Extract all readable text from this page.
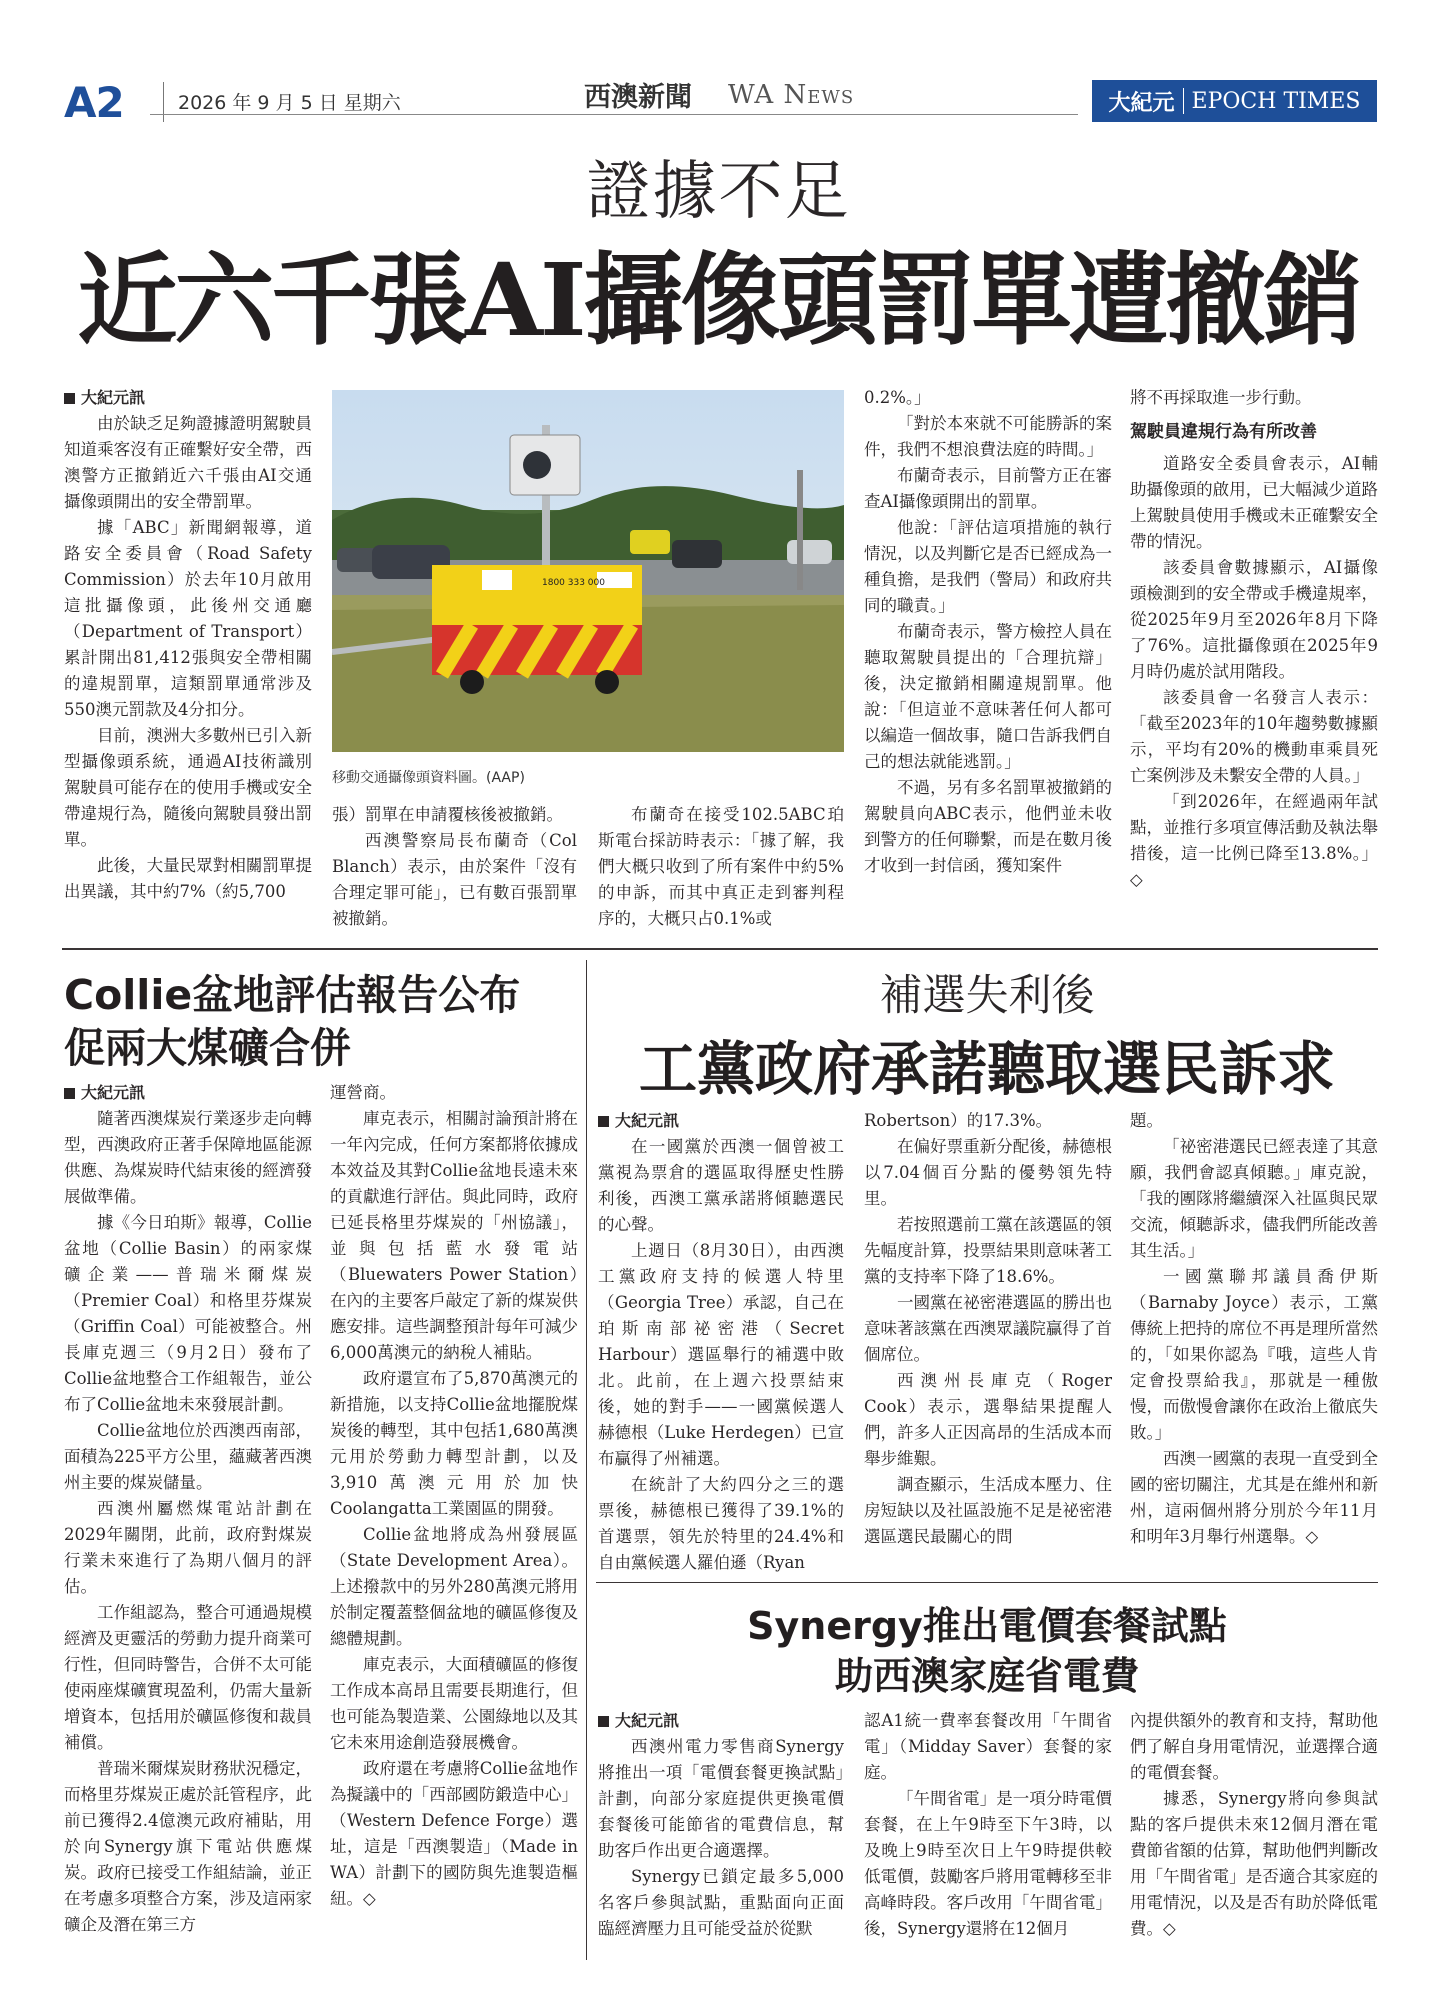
A2	2026 年 9 月 5 日 星期六	西澳新聞 WA News	大紀元 EPOCH TIMES
證據不足
近六千張AI攝像頭罰單遭撤銷

大紀元訊

由於缺乏足夠證據證明駕駛員知道乘客沒有正確繫好安全帶，西澳警方正撤銷近六千張由AI交通攝像頭開出的安全帶罰單。

據「ABC」新聞網報導，道路安全委員會（Road Safety Commission）於去年10月啟用這批攝像頭，此後州交通廳（Department of Transport）累計開出81,412張與安全帶相關的違規罰單，這類罰單通常涉及550澳元罰款及4分扣分。

目前，澳洲大多數州已引入新型攝像頭系統，通過AI技術識別駕駛員可能存在的使用手機或安全帶違規行為，隨後向駕駛員發出罰單。

此後，大量民眾對相關罰單提出異議，其中約7%（約5,700

1800 333 000
移動交通攝像頭資料圖。(AAP)

張）罰單在申請覆核後被撤銷。

西澳警察局長布蘭奇（Col Blanch）表示，由於案件「沒有合理定罪可能」，已有數百張罰單被撤銷。

布蘭奇在接受102.5ABC珀斯電台採訪時表示：「據了解，我們大概只收到了所有案件中約5%的申訴，而其中真正走到審判程序的，大概只占0.1%或

0.2%。」

「對於本來就不可能勝訴的案件，我們不想浪費法庭的時間。」

布蘭奇表示，目前警方正在審查AI攝像頭開出的罰單。

他說：「評估這項措施的執行情況，以及判斷它是否已經成為一種負擔，是我們（警局）和政府共同的職責。」

布蘭奇表示，警方檢控人員在聽取駕駛員提出的「合理抗辯」後，決定撤銷相關違規罰單。他說：「但這並不意味著任何人都可以編造一個故事，隨口告訴我們自己的想法就能逃罰。」

不過，另有多名罰單被撤銷的駕駛員向ABC表示，他們並未收到警方的任何聯繫，而是在數月後才收到一封信函，獲知案件

將不再採取進一步行動。

駕駛員違規行為有所改善

道路安全委員會表示，AI輔助攝像頭的啟用，已大幅減少道路上駕駛員使用手機或未正確繫安全帶的情況。

該委員會數據顯示，AI攝像頭檢測到的安全帶或手機違規率，從2025年9月至2026年8月下降了76%。這批攝像頭在2025年9月時仍處於試用階段。

該委員會一名發言人表示：「截至2023年的10年趨勢數據顯示，平均有20%的機動車乘員死亡案例涉及未繫安全帶的人員。」

「到2026年，在經過兩年試點，並推行多項宣傳活動及執法舉措後，這一比例已降至13.8%。」◇

Collie盆地評估報告公布
促兩大煤礦合併

大紀元訊

隨著西澳煤炭行業逐步走向轉型，西澳政府正著手保障地區能源供應、為煤炭時代結束後的經濟發展做準備。

據《今日珀斯》報導，Collie盆地（Collie Basin）的兩家煤礦企業——普瑞米爾煤炭（Premier Coal）和格里芬煤炭（Griffin Coal）可能被整合。州長庫克週三（9月2日）發布了Collie盆地整合工作組報告，並公布了Collie盆地未來發展計劃。

Collie盆地位於西澳西南部，面積為225平方公里，蘊藏著西澳州主要的煤炭儲量。

西澳州屬燃煤電站計劃在2029年關閉，此前，政府對煤炭行業未來進行了為期八個月的評估。

工作組認為，整合可通過規模經濟及更靈活的勞動力提升商業可行性，但同時警告，合併不太可能使兩座煤礦實現盈利，仍需大量新增資本，包括用於礦區修復和裁員補償。

普瑞米爾煤炭財務狀況穩定，而格里芬煤炭正處於託管程序，此前已獲得2.4億澳元政府補貼，用於向Synergy旗下電站供應煤炭。政府已接受工作組結論，並正在考慮多項整合方案，涉及這兩家礦企及潛在第三方

運營商。

庫克表示，相關討論預計將在一年內完成，任何方案都將依據成本效益及其對Collie盆地長遠未來的貢獻進行評估。與此同時，政府已延長格里芬煤炭的「州協議」，並與包括藍水發電站（Bluewaters Power Station）在內的主要客戶敲定了新的煤炭供應安排。這些調整預計每年可減少6,000萬澳元的納稅人補貼。

政府還宣布了5,870萬澳元的新措施，以支持Collie盆地擺脫煤炭後的轉型，其中包括1,680萬澳元用於勞動力轉型計劃，以及3,910萬澳元用於加快Coolangatta工業園區的開發。

Collie盆地將成為州發展區（State Development Area）。上述撥款中的另外280萬澳元將用於制定覆蓋整個盆地的礦區修復及總體規劃。

庫克表示，大面積礦區的修復工作成本高昂且需要長期進行，但也可能為製造業、公園綠地以及其它未來用途創造發展機會。

政府還在考慮將Collie盆地作為擬議中的「西部國防鍛造中心」（Western Defence Forge）選址，這是「西澳製造」（Made in WA）計劃下的國防與先進製造樞紐。◇

補選失利後
工黨政府承諾聽取選民訴求

大紀元訊

在一國黨於西澳一個曾被工黨視為票倉的選區取得歷史性勝利後，西澳工黨承諾將傾聽選民的心聲。

上週日（8月30日），由西澳工黨政府支持的候選人特里（Georgia Tree）承認，自己在珀斯南部祕密港（Secret Harbour）選區舉行的補選中敗北。此前，在上週六投票結束後，她的對手——一國黨候選人赫德根（Luke Herdegen）已宣布贏得了州補選。

在統計了大約四分之三的選票後，赫德根已獲得了39.1%的首選票，領先於特里的24.4%和自由黨候選人羅伯遜（Ryan

Robertson）的17.3%。

在偏好票重新分配後，赫德根以7.04個百分點的優勢領先特里。

若按照選前工黨在該選區的領先幅度計算，投票結果則意味著工黨的支持率下降了18.6%。

一國黨在祕密港選區的勝出也意味著該黨在西澳眾議院贏得了首個席位。

西澳州長庫克（Roger Cook）表示，選舉結果提醒人們，許多人正因高昂的生活成本而舉步維艱。

調查顯示，生活成本壓力、住房短缺以及社區設施不足是祕密港選區選民最關心的問

題。

「祕密港選民已經表達了其意願，我們會認真傾聽。」庫克說，「我的團隊將繼續深入社區與民眾交流，傾聽訴求，儘我們所能改善其生活。」

一國黨聯邦議員喬伊斯（Barnaby Joyce）表示，工黨傳統上把持的席位不再是理所當然的，「如果你認為『哦，這些人肯定會投票給我』，那就是一種傲慢，而傲慢會讓你在政治上徹底失敗。」

西澳一國黨的表現一直受到全國的密切關注，尤其是在維州和新州，這兩個州將分別於今年11月和明年3月舉行州選舉。◇

Synergy推出電價套餐試點
助西澳家庭省電費

大紀元訊

西澳州電力零售商Synergy將推出一項「電價套餐更換試點」計劃，向部分家庭提供更換電價套餐後可能節省的電費信息，幫助客戶作出更合適選擇。

Synergy已鎖定最多5,000名客戶參與試點，重點面向正面臨經濟壓力且可能受益於從默

認A1統一費率套餐改用「午間省電」（Midday Saver）套餐的家庭。

「午間省電」是一項分時電價套餐，在上午9時至下午3時，以及晚上9時至次日上午9時提供較低電價，鼓勵客戶將用電轉移至非高峰時段。客戶改用「午間省電」後，Synergy還將在12個月

內提供額外的教育和支持，幫助他們了解自身用電情況，並選擇合適的電價套餐。

據悉，Synergy將向參與試點的客戶提供未來12個月潛在電費節省額的估算，幫助他們判斷改用「午間省電」是否適合其家庭的用電情況，以及是否有助於降低電費。◇
